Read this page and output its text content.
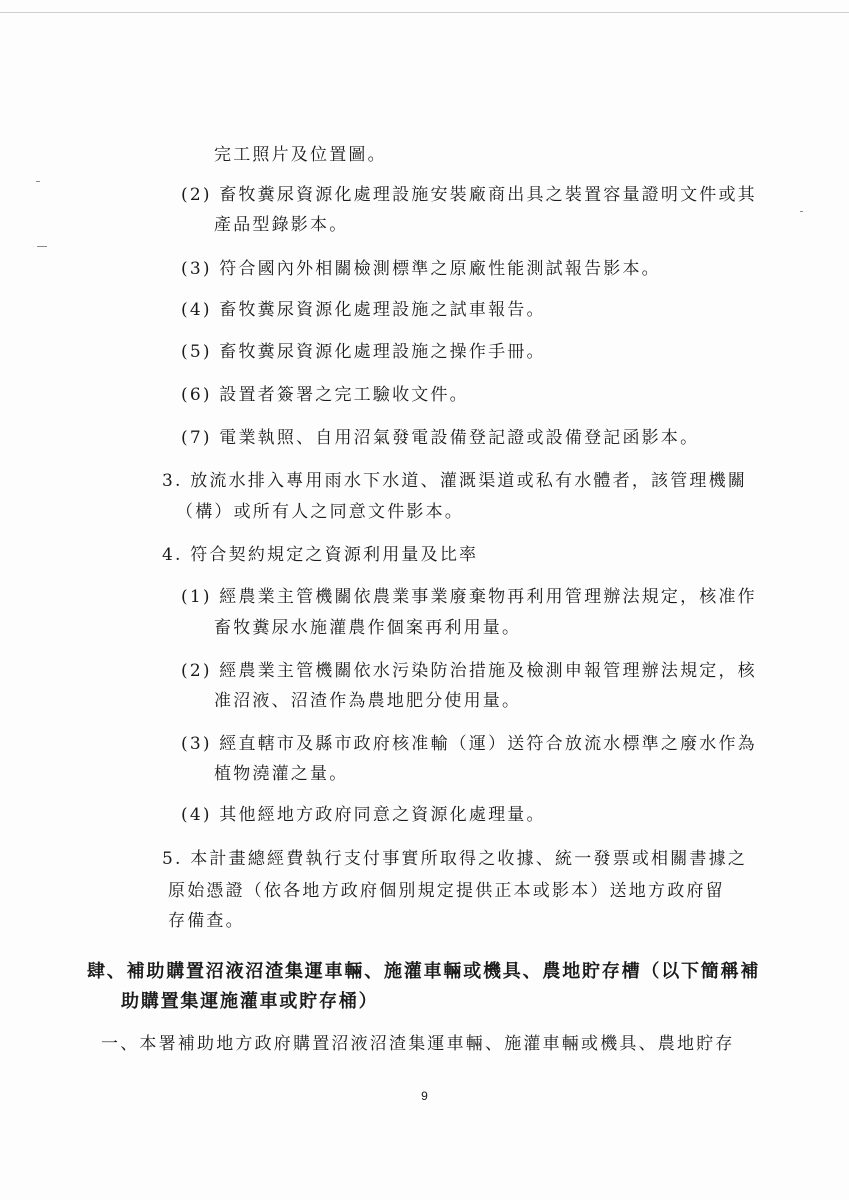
完工照片及位置圖。
(2) 畜牧糞尿資源化處理設施安裝廠商出具之裝置容量證明文件或其
產品型錄影本。
(3) 符合國內外相關檢測標準之原廠性能測試報告影本。
(4) 畜牧糞尿資源化處理設施之試車報告。
(5) 畜牧糞尿資源化處理設施之操作手冊。
(6) 設置者簽署之完工驗收文件。
(7) 電業執照、自用沼氣發電設備登記證或設備登記函影本。
3. 放流水排入專用雨水下水道、灌溉渠道或私有水體者，該管理機關
（構）或所有人之同意文件影本。
4. 符合契約規定之資源利用量及比率
(1) 經農業主管機關依農業事業廢棄物再利用管理辦法規定，核准作
畜牧糞尿水施灌農作個案再利用量。
(2) 經農業主管機關依水污染防治措施及檢測申報管理辦法規定，核
准沼液、沼渣作為農地肥分使用量。
(3) 經直轄市及縣市政府核准輸（運）送符合放流水標準之廢水作為
植物澆灌之量。
(4) 其他經地方政府同意之資源化處理量。
5. 本計畫總經費執行支付事實所取得之收據、統一發票或相關書據之
原始憑證（依各地方政府個別規定提供正本或影本）送地方政府留
存備查。
肆、補助購置沼液沼渣集運車輛、施灌車輛或機具、農地貯存槽（以下簡稱補
助購置集運施灌車或貯存桶）
一、本署補助地方政府購置沼液沼渣集運車輛、施灌車輛或機具、農地貯存
9
